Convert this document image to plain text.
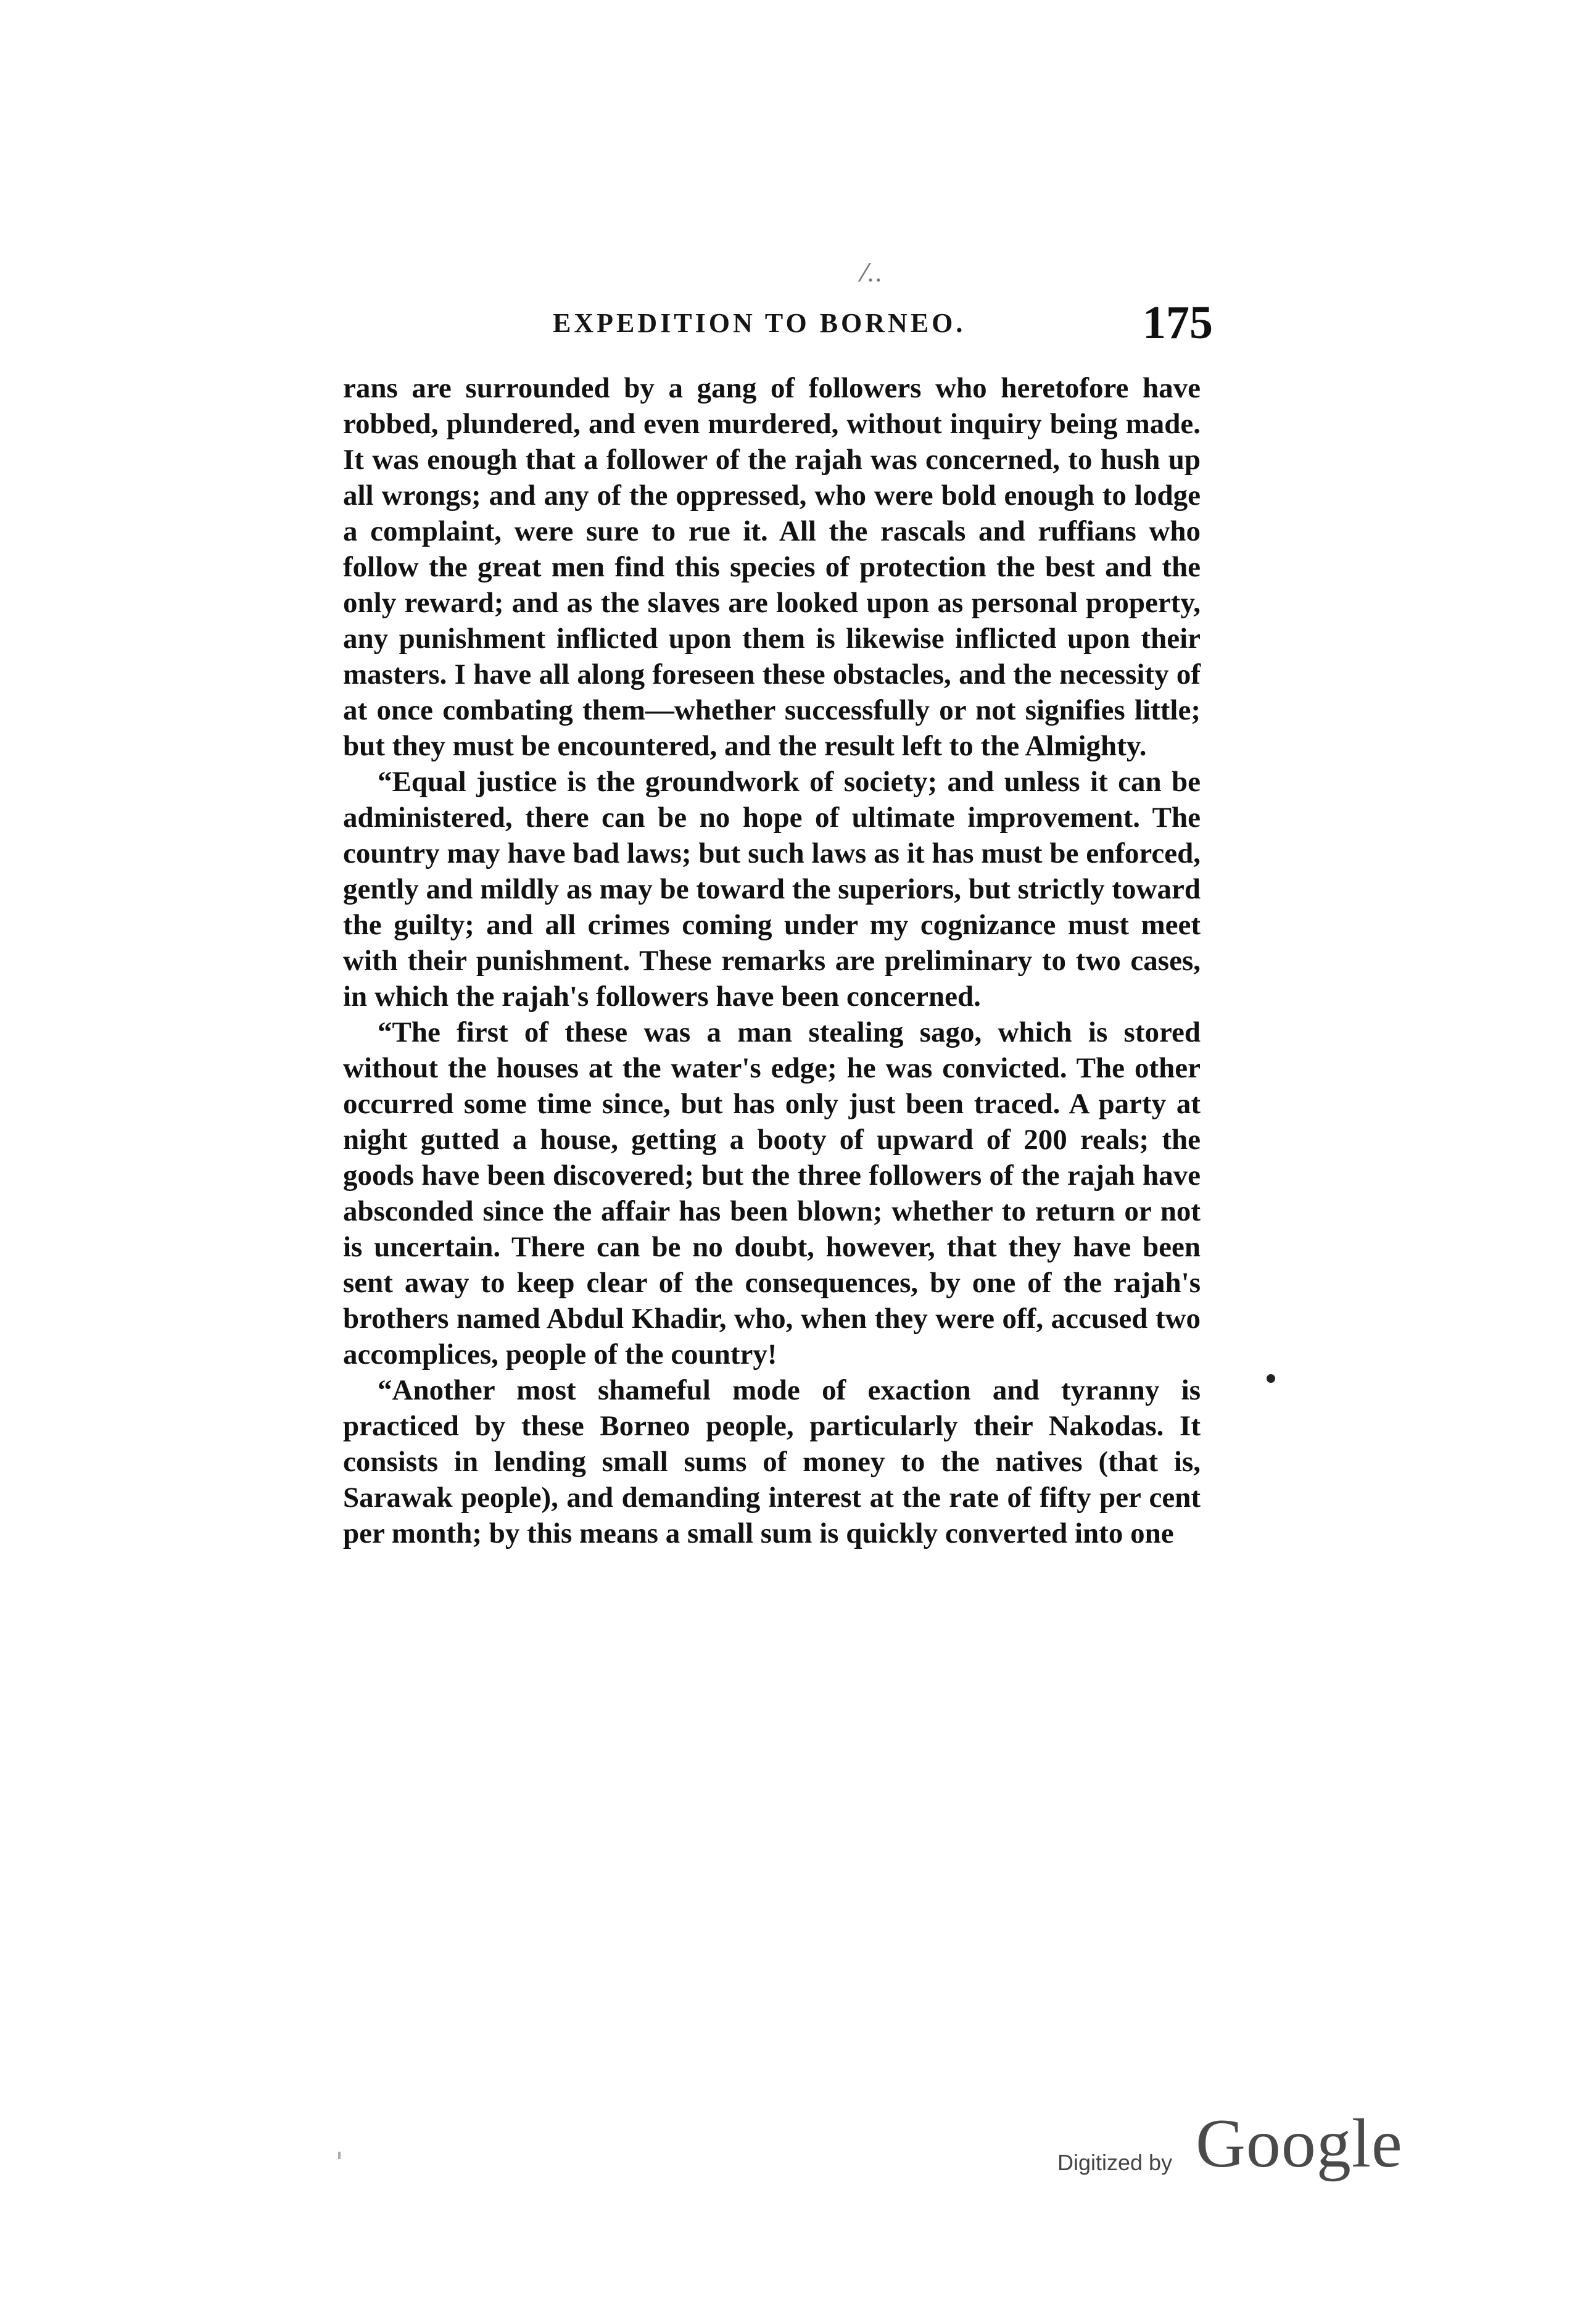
⁄..
EXPEDITION TO BORNEO.	175

rans are surrounded by a gang of followers who heretofore have robbed, plundered, and even murdered, without inquiry being made. It was enough that a follower of the rajah was concerned, to hush up all wrongs; and any of the oppressed, who were bold enough to lodge a complaint, were sure to rue it. All the rascals and ruffians who follow the great men find this species of protection the best and the only reward; and as the slaves are looked upon as personal property, any punishment inflicted upon them is likewise inflicted upon their masters. I have all along foreseen these obstacles, and the necessity of at once combating them—whether successfully or not signifies little; but they must be encountered, and the result left to the Almighty.

“Equal justice is the groundwork of society; and unless it can be administered, there can be no hope of ultimate improvement. The country may have bad laws; but such laws as it has must be enforced, gently and mildly as may be toward the superiors, but strictly toward the guilty; and all crimes coming under my cognizance must meet with their punishment. These remarks are preliminary to two cases, in which the rajah's followers have been concerned.

“The first of these was a man stealing sago, which is stored without the houses at the water's edge; he was convicted. The other occurred some time since, but has only just been traced. A party at night gutted a house, getting a booty of upward of 200 reals; the goods have been discovered; but the three followers of the rajah have absconded since the affair has been blown; whether to return or not is uncertain. There can be no doubt, however, that they have been sent away to keep clear of the consequences, by one of the rajah's brothers named Abdul Khadir, who, when they were off, accused two accomplices, people of the country!

“Another most shameful mode of exaction and tyranny is practiced by these Borneo people, particularly their Nakodas. It consists in lending small sums of money to the natives (that is, Sarawak people), and demanding interest at the rate of fifty per cent per month; by this means a small sum is quickly converted into one

Digitized by Google
